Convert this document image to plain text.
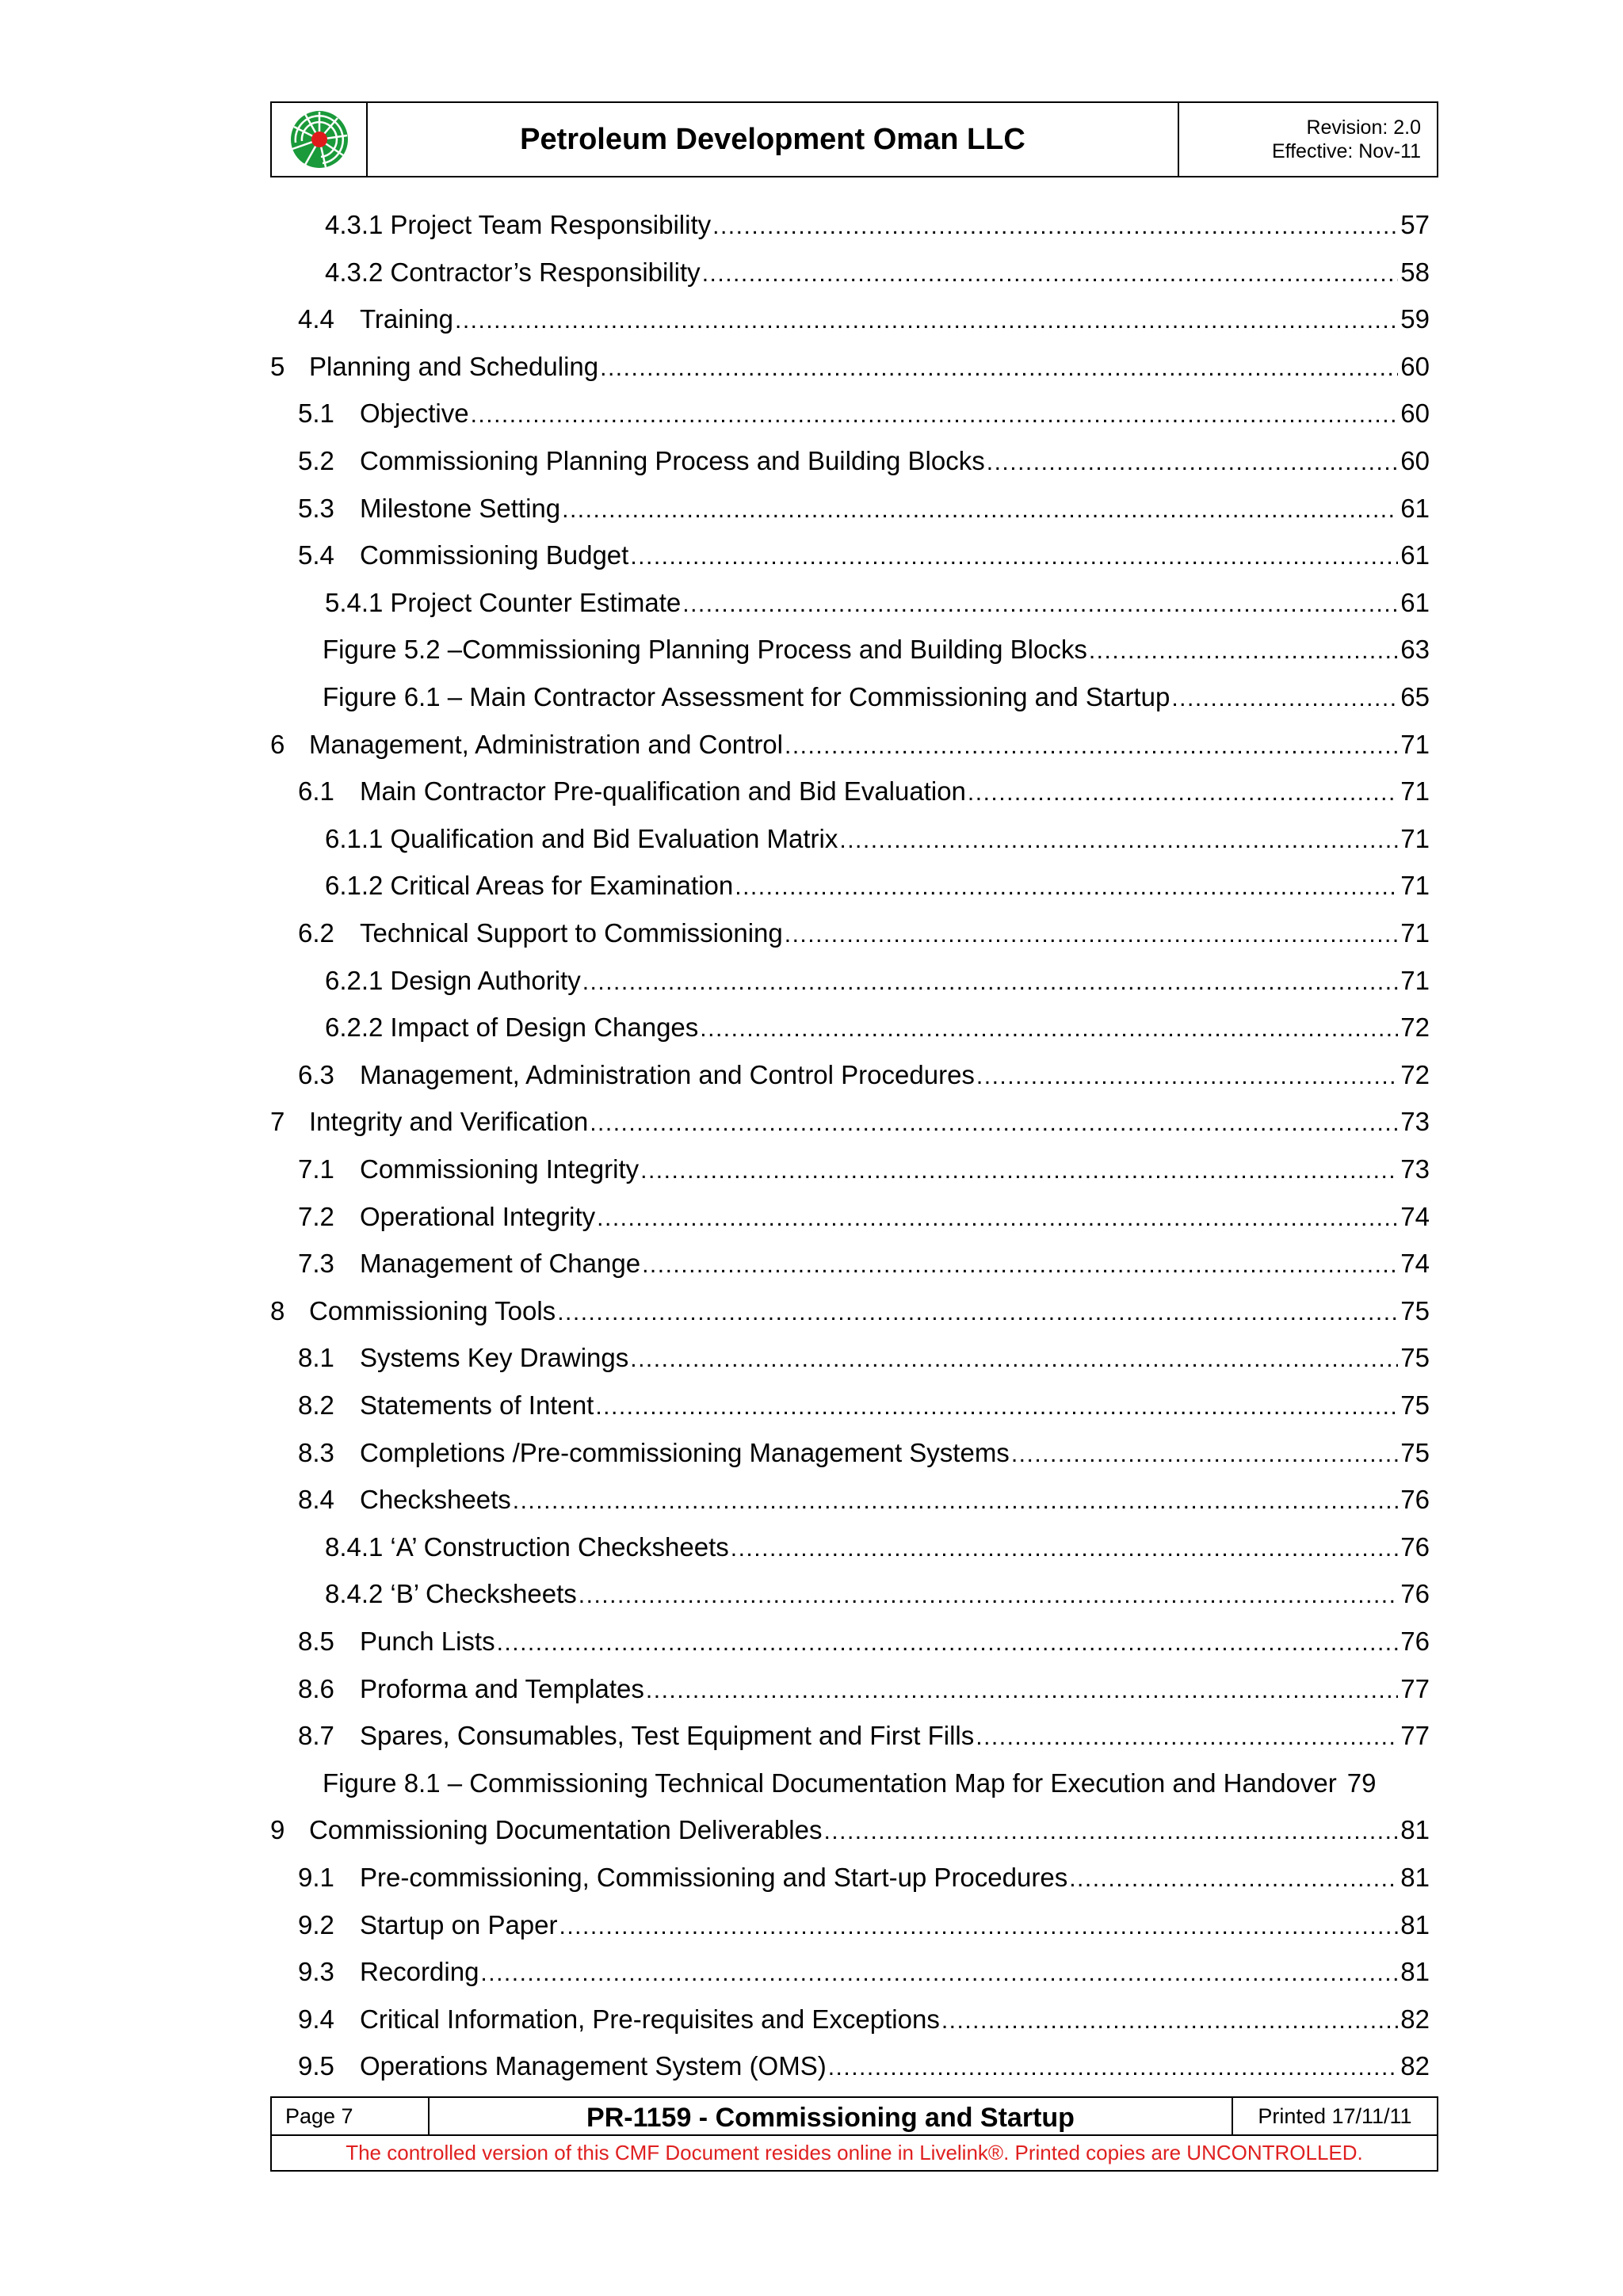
Petroleum Development Oman LLC	Revision: 2.0
Effective: Nov-11
4.3.1 Project Team Responsibility .....	57
4.3.2 Contractor’s Responsibility .....	58
4.4 Training .....	59
5 Planning and Scheduling .....	60
5.1 Objective .....	60
5.2 Commissioning Planning Process and Building Blocks .....	60
5.3 Milestone Setting .....	61
5.4 Commissioning Budget .....	61
5.4.1 Project Counter Estimate .....	61
Figure 5.2 –Commissioning Planning Process and Building Blocks .....	63
Figure 6.1 – Main Contractor Assessment for Commissioning and Startup .....	65
6 Management, Administration and Control .....	71
6.1 Main Contractor Pre-qualification and Bid Evaluation .....	71
6.1.1 Qualification and Bid Evaluation Matrix .....	71
6.1.2 Critical Areas for Examination .....	71
6.2 Technical Support to Commissioning .....	71
6.2.1 Design Authority .....	71
6.2.2 Impact of Design Changes .....	72
6.3 Management, Administration and Control Procedures .....	72
7 Integrity and Verification .....	73
7.1 Commissioning Integrity .....	73
7.2 Operational Integrity .....	74
7.3 Management of Change .....	74
8 Commissioning Tools .....	75
8.1 Systems Key Drawings .....	75
8.2 Statements of Intent .....	75
8.3 Completions /Pre-commissioning Management Systems .....	75
8.4 Checksheets .....	76
8.4.1 ‘A’ Construction Checksheets .....	76
8.4.2 ‘B’ Checksheets .....	76
8.5 Punch Lists .....	76
8.6 Proforma and Templates .....	77
8.7 Spares, Consumables, Test Equipment and First Fills .....	77
Figure 8.1 – Commissioning Technical Documentation Map for Execution and Handover 79
9 Commissioning Documentation Deliverables .....	81
9.1 Pre-commissioning, Commissioning and Start-up Procedures .....	81
9.2 Startup on Paper .....	81
9.3 Recording .....	81
9.4 Critical Information, Pre-requisites and Exceptions .....	82
9.5 Operations Management System (OMS) .....	82
Page 7	PR-1159 - Commissioning and Startup	Printed 17/11/11
The controlled version of this CMF Document resides online in Livelink®. Printed copies are UNCONTROLLED.
